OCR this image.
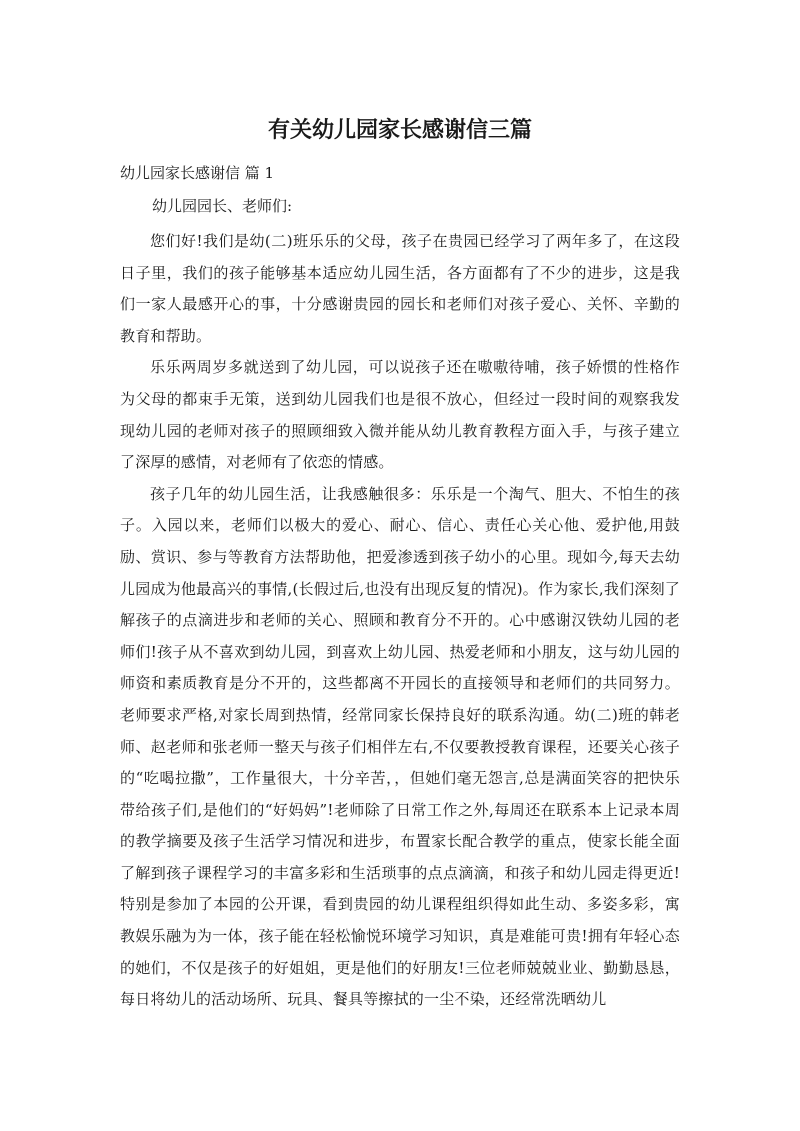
有关幼儿园家长感谢信三篇

幼儿园家长感谢信 篇 1

幼儿园园长、老师们:

您们好!我们是幼(二)班乐乐的父母，孩子在贵园已经学习了两年多了，在这段日子里，我们的孩子能够基本适应幼儿园生活，各方面都有了不少的进步，这是我们一家人最感开心的事，十分感谢贵园的园长和老师们对孩子爱心、关怀、辛勤的教育和帮助。

乐乐两周岁多就送到了幼儿园，可以说孩子还在嗷嗷待哺，孩子娇惯的性格作为父母的都束手无策，送到幼儿园我们也是很不放心，但经过一段时间的观察我发现幼儿园的老师对孩子的照顾细致入微并能从幼儿教育教程方面入手，与孩子建立了深厚的感情，对老师有了依恋的情感。

孩子几年的幼儿园生活，让我感触很多：乐乐是一个淘气、胆大、不怕生的孩子。入园以来，老师们以极大的爱心、耐心、信心、责任心关心他、爱护他,用鼓励、赏识、参与等教育方法帮助他，把爱渗透到孩子幼小的心里。现如今,每天去幼儿园成为他最高兴的事情,(长假过后,也没有出现反复的情况)。作为家长,我们深刻了解孩子的点滴进步和老师的关心、照顾和教育分不开的。心中感谢汉铁幼儿园的老师们!孩子从不喜欢到幼儿园，到喜欢上幼儿园、热爱老师和小朋友，这与幼儿园的师资和素质教育是分不开的，这些都离不开园长的直接领导和老师们的共同努力。老师要求严格,对家长周到热情，经常同家长保持良好的联系沟通。幼(二)班的韩老师、赵老师和张老师一整天与孩子们相伴左右,不仅要教授教育课程，还要关心孩子的“吃喝拉撒”，工作量很大，十分辛苦，，但她们毫无怨言,总是满面笑容的把快乐带给孩子们,是他们的“好妈妈”!老师除了日常工作之外,每周还在联系本上记录本周的教学摘要及孩子生活学习情况和进步，布置家长配合教学的重点，使家长能全面了解到孩子课程学习的丰富多彩和生活琐事的点点滴滴，和孩子和幼儿园走得更近!特别是参加了本园的公开课，看到贵园的幼儿课程组织得如此生动、多姿多彩，寓教娱乐融为为一体，孩子能在轻松愉悦环境学习知识，真是难能可贵!拥有年轻心态的她们，不仅是孩子的好姐姐，更是他们的好朋友!三位老师兢兢业业、勤勤恳恳，每日将幼儿的活动场所、玩具、餐具等擦拭的一尘不染，还经常洗晒幼儿
